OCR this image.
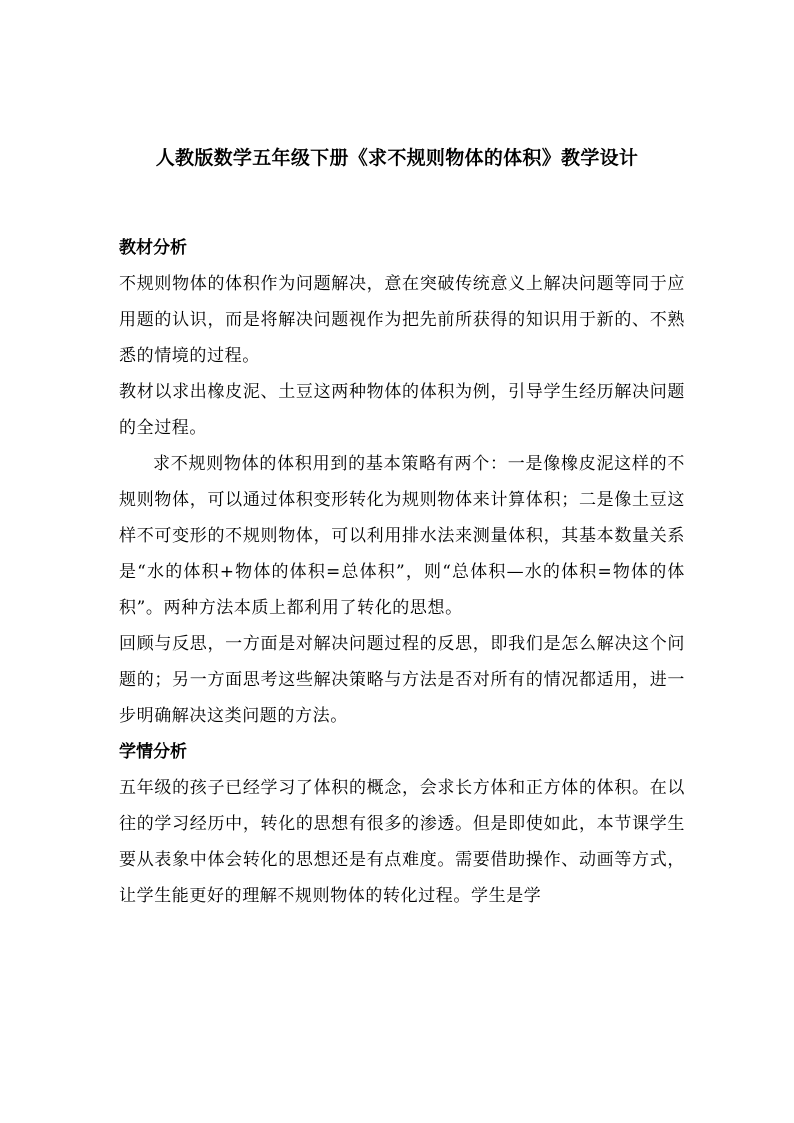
人教版数学五年级下册《求不规则物体的体积》教学设计
教材分析

不规则物体的体积作为问题解决，意在突破传统意义上解决问题等同于应用题的认识，而是将解决问题视作为把先前所获得的知识用于新的、不熟悉的情境的过程。

教材以求出橡皮泥、土豆这两种物体的体积为例，引导学生经历解决问题的全过程。

求不规则物体的体积用到的基本策略有两个：一是像橡皮泥这样的不规则物体，可以通过体积变形转化为规则物体来计算体积；二是像土豆这样不可变形的不规则物体，可以利用排水法来测量体积，其基本数量关系是“水的体积+物体的体积=总体积”，则“总体积—水的体积=物体的体积”。两种方法本质上都利用了转化的思想。

回顾与反思，一方面是对解决问题过程的反思，即我们是怎么解决这个问题的；另一方面思考这些解决策略与方法是否对所有的情况都适用，进一步明确解决这类问题的方法。

学情分析

五年级的孩子已经学习了体积的概念，会求长方体和正方体的体积。在以往的学习经历中，转化的思想有很多的渗透。但是即使如此，本节课学生要从表象中体会转化的思想还是有点难度。需要借助操作、动画等方式，让学生能更好的理解不规则物体的转化过程。学生是学
